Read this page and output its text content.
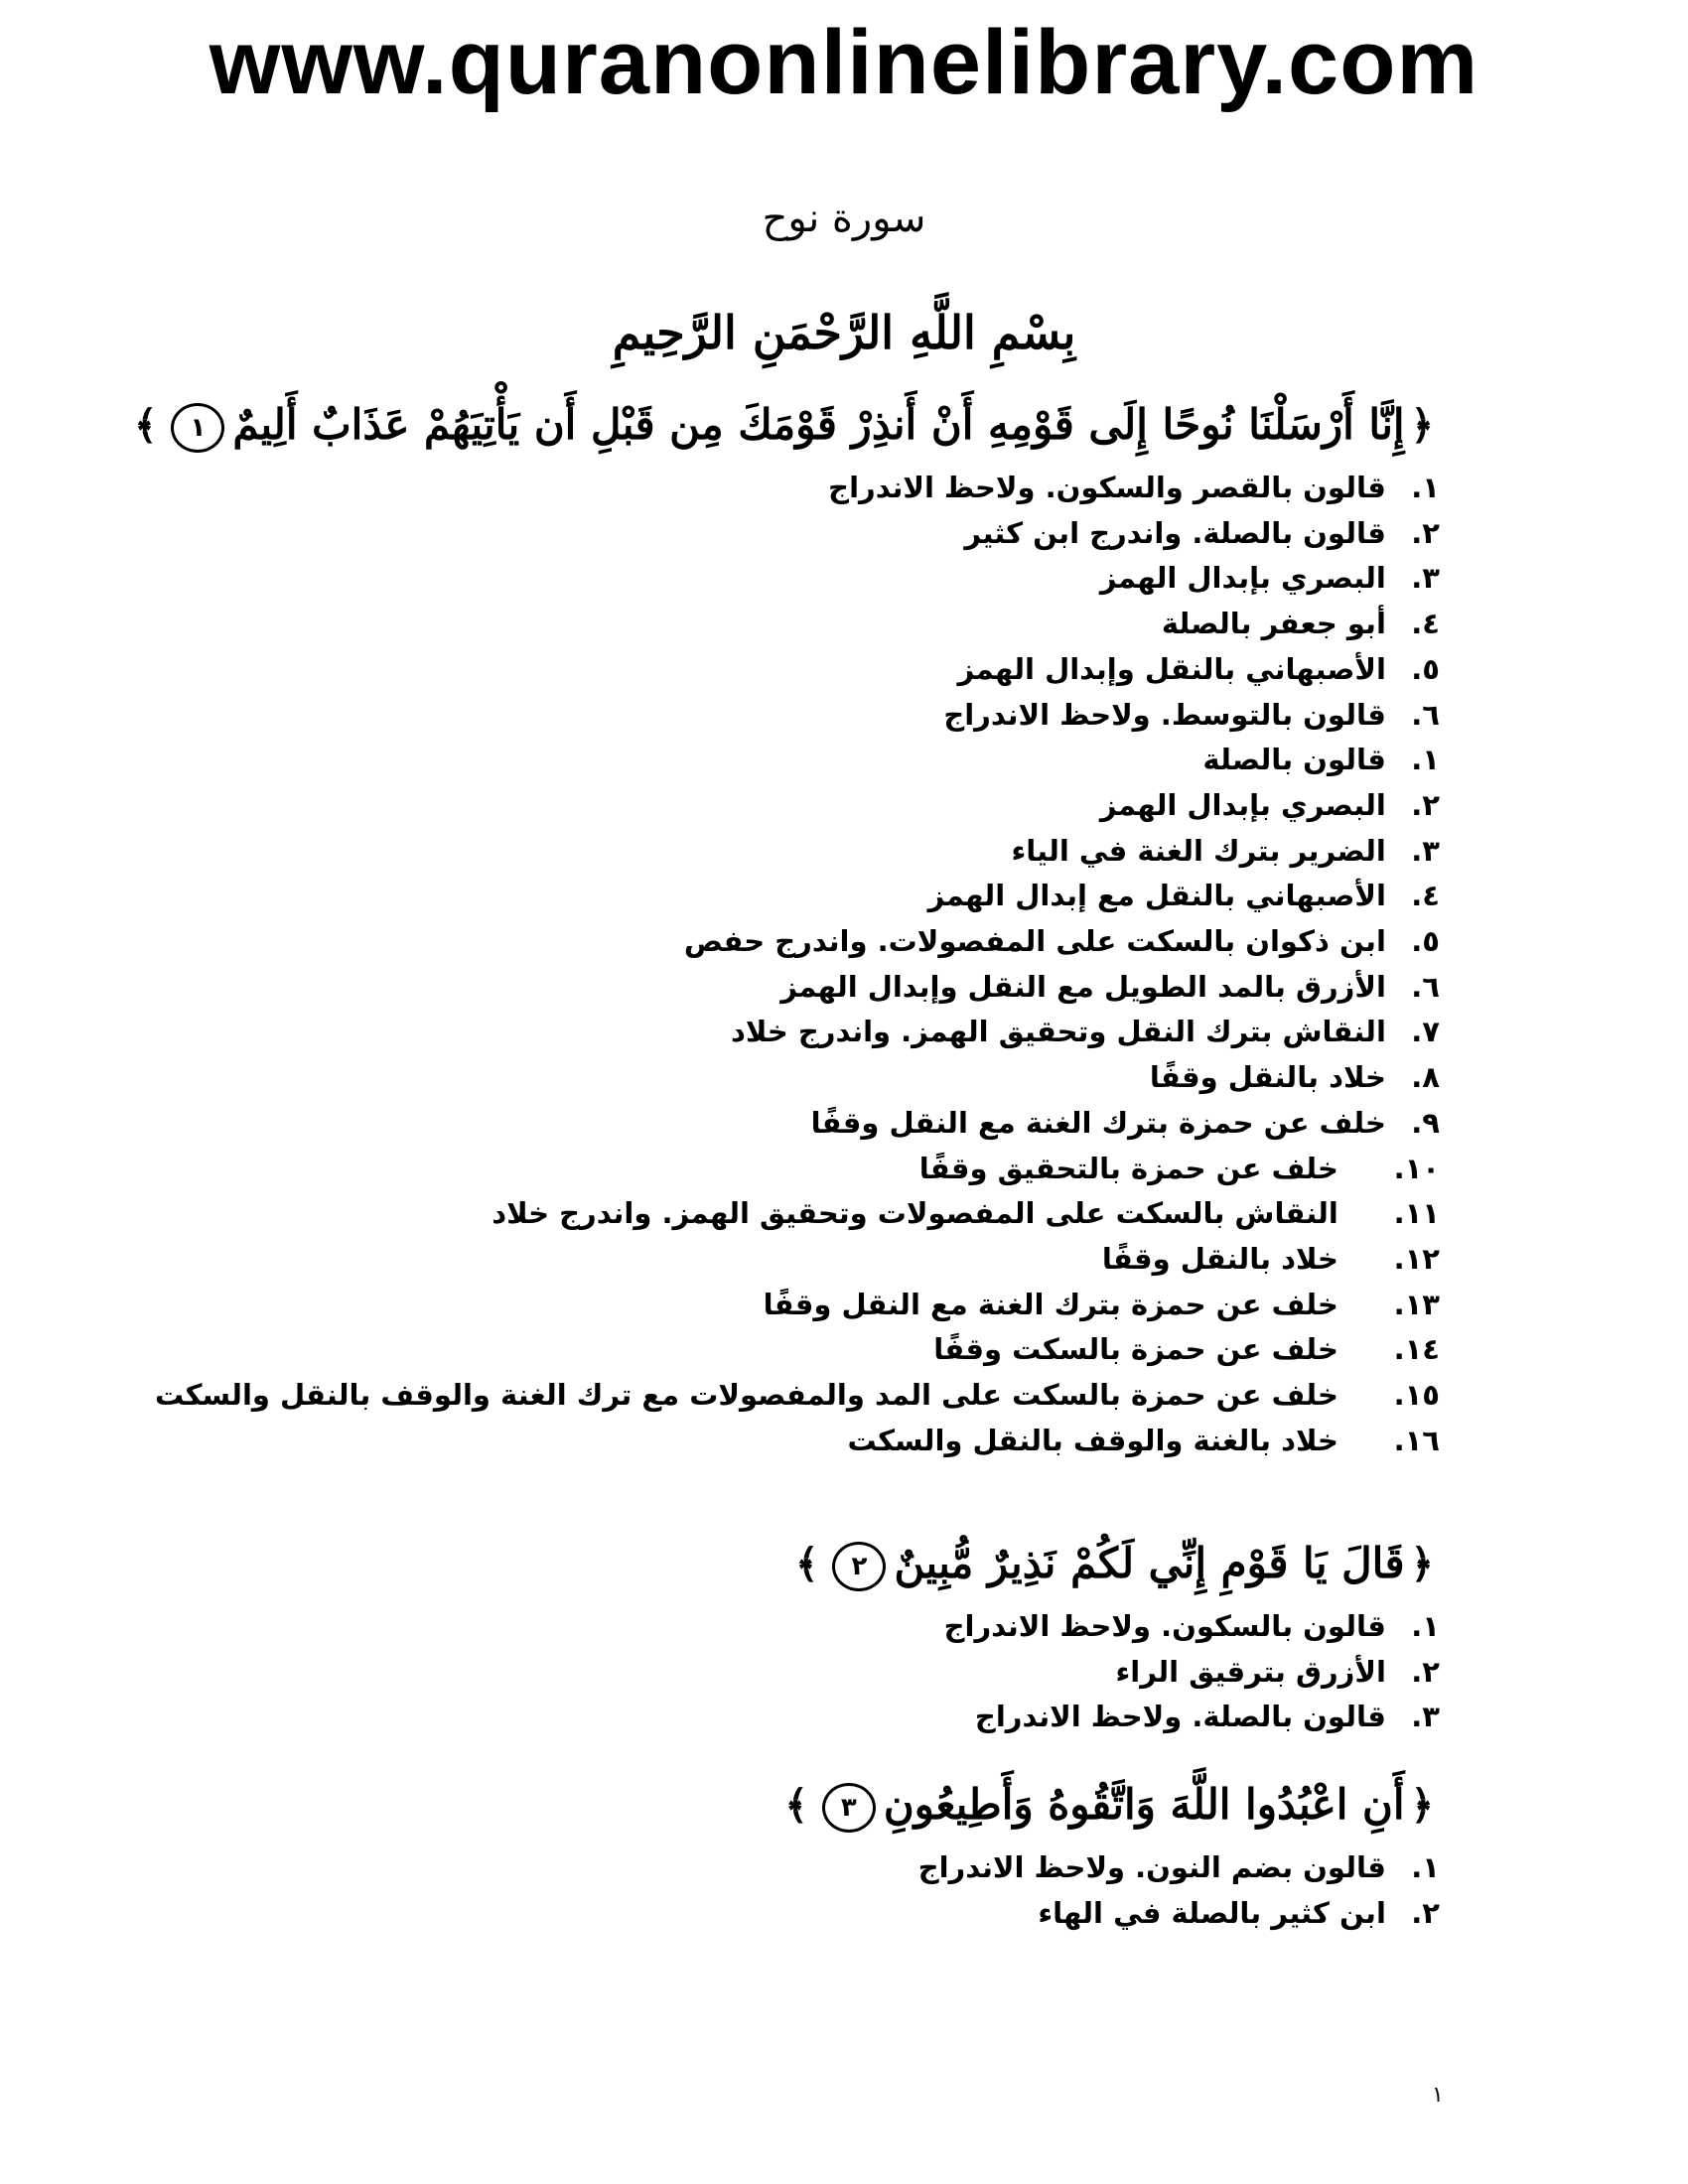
www.quranonlinelibrary.com
سورة نوح
بِسْمِ اللَّهِ الرَّحْمَنِ الرَّحِيمِ
﴿إِنَّا أَرْسَلْنَا نُوحًا إِلَى قَوْمِهِ أَنْ أَنذِرْ قَوْمَكَ مِن قَبْلِ أَن يَأْتِيَهُمْ عَذَابٌ أَلِيمٌ١﴾
١. قالون بالقصر والسكون. ولاحظ الاندراج
٢. قالون بالصلة. واندرج ابن كثير
٣. البصري بإبدال الهمز
٤. أبو جعفر بالصلة
٥. الأصبهاني بالنقل وإبدال الهمز
٦. قالون بالتوسط. ولاحظ الاندراج
١. قالون بالصلة
٢. البصري بإبدال الهمز
٣. الضرير بترك الغنة في الياء
٤. الأصبهاني بالنقل مع إبدال الهمز
٥. ابن ذكوان بالسكت على المفصولات. واندرج حفص
٦. الأزرق بالمد الطويل مع النقل وإبدال الهمز
٧. النقاش بترك النقل وتحقيق الهمز. واندرج خلاد
٨. خلاد بالنقل وقفًا
٩. خلف عن حمزة بترك الغنة مع النقل وقفًا
١٠. خلف عن حمزة بالتحقيق وقفًا
١١. النقاش بالسكت على المفصولات وتحقيق الهمز. واندرج خلاد
١٢. خلاد بالنقل وقفًا
١٣. خلف عن حمزة بترك الغنة مع النقل وقفًا
١٤. خلف عن حمزة بالسكت وقفًا
١٥. خلف عن حمزة بالسكت على المد والمفصولات مع ترك الغنة والوقف بالنقل والسكت
١٦. خلاد بالغنة والوقف بالنقل والسكت
﴿قَالَ يَا قَوْمِ إِنِّي لَكُمْ نَذِيرٌ مُّبِينٌ٢﴾
١. قالون بالسكون. ولاحظ الاندراج
٢. الأزرق بترقيق الراء
٣. قالون بالصلة. ولاحظ الاندراج
﴿أَنِ اعْبُدُوا اللَّهَ وَاتَّقُوهُ وَأَطِيعُونِ٣﴾
١. قالون بضم النون. ولاحظ الاندراج
٢. ابن كثير بالصلة في الهاء
١
